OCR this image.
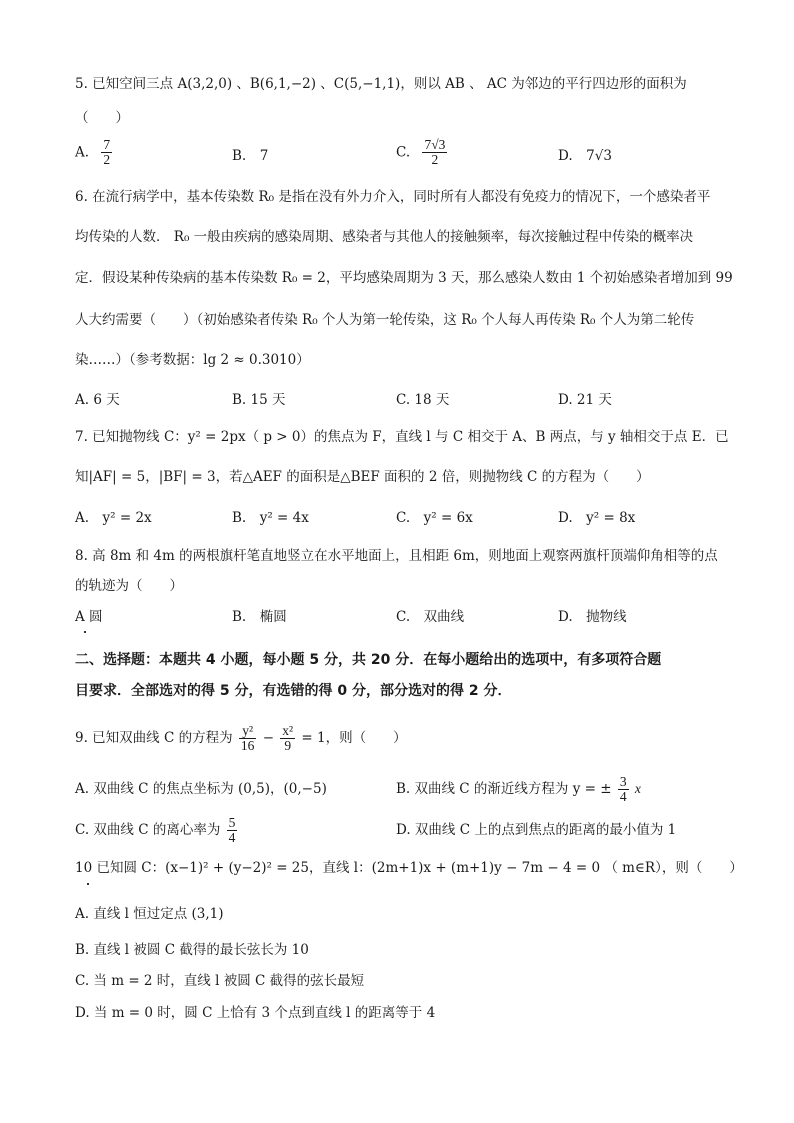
5. 已知空间三点 A(3,2,0) 、B(6,1,−2) 、C(5,−1,1)，则以 AB 、 AC 为邻边的平行四边形的面积为
（　　）
A. $\frac{7}{2}$	B.　7	C. $\frac{7√3}{2}$	D.　7√3
6. 在流行病学中，基本传染数 R₀ 是指在没有外力介入，同时所有人都没有免疫力的情况下，一个感染者平
均传染的人数． R₀ 一般由疾病的感染周期、感染者与其他人的接触频率，每次接触过程中传染的概率决
定．假设某种传染病的基本传染数 R₀ = 2，平均感染周期为 3 天，那么感染人数由 1 个初始感染者增加到 99
人大约需要（　　）（初始感染者传染 R₀ 个人为第一轮传染，这 R₀ 个人每人再传染 R₀ 个人为第二轮传
染……）（参考数据：lg 2 ≈ 0.3010）
A. 6 天	B. 15 天	C. 18 天	D. 21 天
7. 已知抛物线 C：y² = 2px（ p > 0）的焦点为 F，直线 l 与 C 相交于 A、B 两点，与 y 轴相交于点 E．已
知|AF| = 5，|BF| = 3，若△AEF 的面积是△BEF 面积的 2 倍，则抛物线 C 的方程为（　　）
A.　y² = 2x	B.　y² = 4x	C.　y² = 6x	D.　y² = 8x
8. 高 8m 和 4m 的两根旗杆笔直地竖立在水平地面上，且相距 6m，则地面上观察两旗杆顶端仰角相等的点
的轨迹为（　　）
A 圆	B.　椭圆	C.　双曲线	D.　抛物线
二、选择题：本题共 4 小题，每小题 5 分，共 20 分．在每小题给出的选项中，有多项符合题
目要求．全部选对的得 5 分，有选错的得 0 分，部分选对的得 2 分．
9. 已知双曲线 C 的方程为 $\frac{\text{y²}}{16} - \frac{\text{x²}}{9} = 1$，则（　　）
A. 双曲线 C 的焦点坐标为 (0,5)，(0,−5)	B. 双曲线 C 的渐近线方程为 y = ± $\frac{3}{4}$ x
C. 双曲线 C 的离心率为 $\frac{5}{4}$	D. 双曲线 C 上的点到焦点的距离的最小值为 1
10 已知圆 C：(x−1)² + (y−2)² = 25，直线 l：(2m+1)x + (m+1)y − 7m − 4 = 0 （ m∈R），则（　　）
A. 直线 l 恒过定点 (3,1)
B. 直线 l 被圆 C 截得的最长弦长为 10
C. 当 m = 2 时，直线 l 被圆 C 截得的弦长最短
D. 当 m = 0 时，圆 C 上恰有 3 个点到直线 l 的距离等于 4
